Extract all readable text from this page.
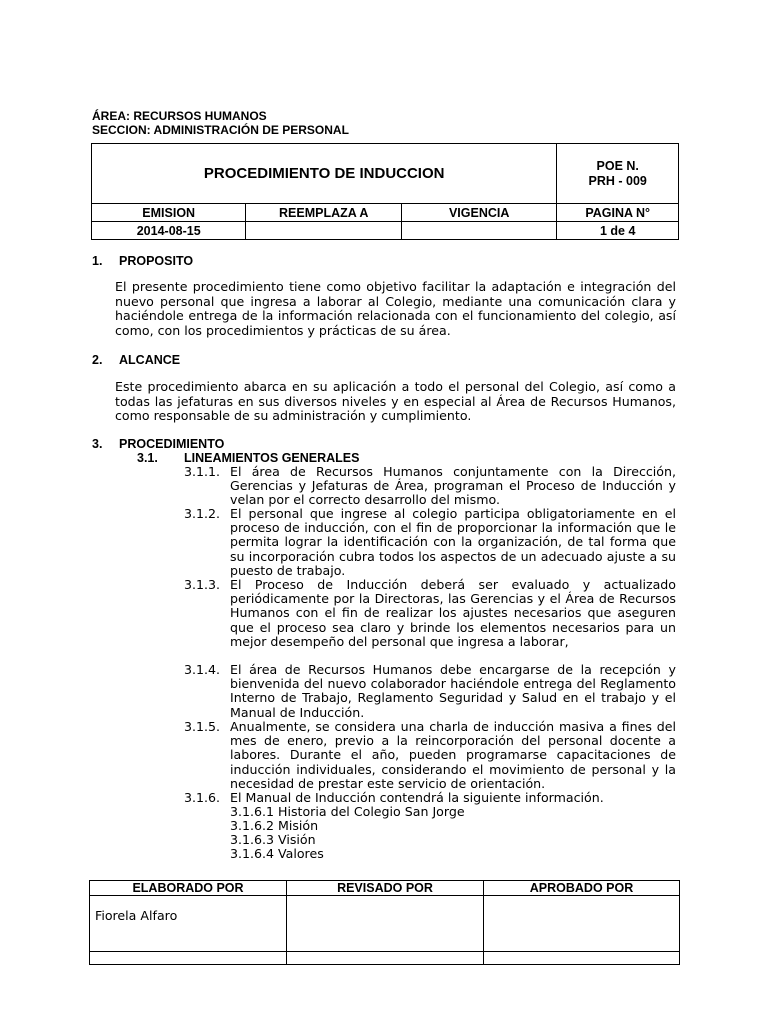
ÁREA: RECURSOS HUMANOS
SECCION: ADMINISTRACIÓN DE PERSONAL
PROCEDIMIENTO DE INDUCCION			POE N.
PRH - 009

EMISION	REEMPLAZA A	VIGENCIA	PAGINA N°
2014-08-15			1 de 4
1. PROPOSITO
El presente procedimiento tiene como objetivo facilitar la adaptación e integración del nuevo personal que ingresa a laborar al Colegio, mediante una comunicación clara y haciéndole entrega de la información relacionada con el funcionamiento del colegio, así como, con los procedimientos y prácticas de su área.
2. ALCANCE
Este procedimiento abarca en su aplicación a todo el personal del Colegio, así como a todas las jefaturas en sus diversos niveles y en especial al Área de Recursos Humanos, como responsable de su administración y cumplimiento.
3. PROCEDIMIENTO
3.1. LINEAMIENTOS GENERALES
3.1.1. El área de Recursos Humanos conjuntamente con la Dirección, Gerencias y Jefaturas de Área, programan el Proceso de Inducción y velan por el correcto desarrollo del mismo.
3.1.2. El personal que ingrese al colegio participa obligatoriamente en el proceso de inducción, con el fin de proporcionar la información que le permita lograr la identificación con la organización, de tal forma que su incorporación cubra todos los aspectos de un adecuado ajuste a su puesto de trabajo.
3.1.3. El Proceso de Inducción deberá ser evaluado y actualizado periódicamente por la Directoras, las Gerencias y el Área de Recursos Humanos con el fin de realizar los ajustes necesarios que aseguren que el proceso sea claro y brinde los elementos necesarios para un mejor desempeño del personal que ingresa a laborar,
3.1.4. El área de Recursos Humanos debe encargarse de la recepción y bienvenida del nuevo colaborador haciéndole entrega del Reglamento Interno de Trabajo, Reglamento Seguridad y Salud en el trabajo y el Manual de Inducción.
3.1.5. Anualmente, se considera una charla de inducción masiva a fines del mes de enero, previo a la reincorporación del personal docente a labores. Durante el año, pueden programarse capacitaciones de inducción individuales, considerando el movimiento de personal y la necesidad de prestar este servicio de orientación.
3.1.6. El Manual de Inducción contendrá la siguiente información.
3.1.6.1 Historia del Colegio San Jorge
3.1.6.2 Misión
3.1.6.3 Visión
3.1.6.4 Valores
ELABORADO POR	REVISADO POR	APROBADO POR
Fiorela Alfaro		
